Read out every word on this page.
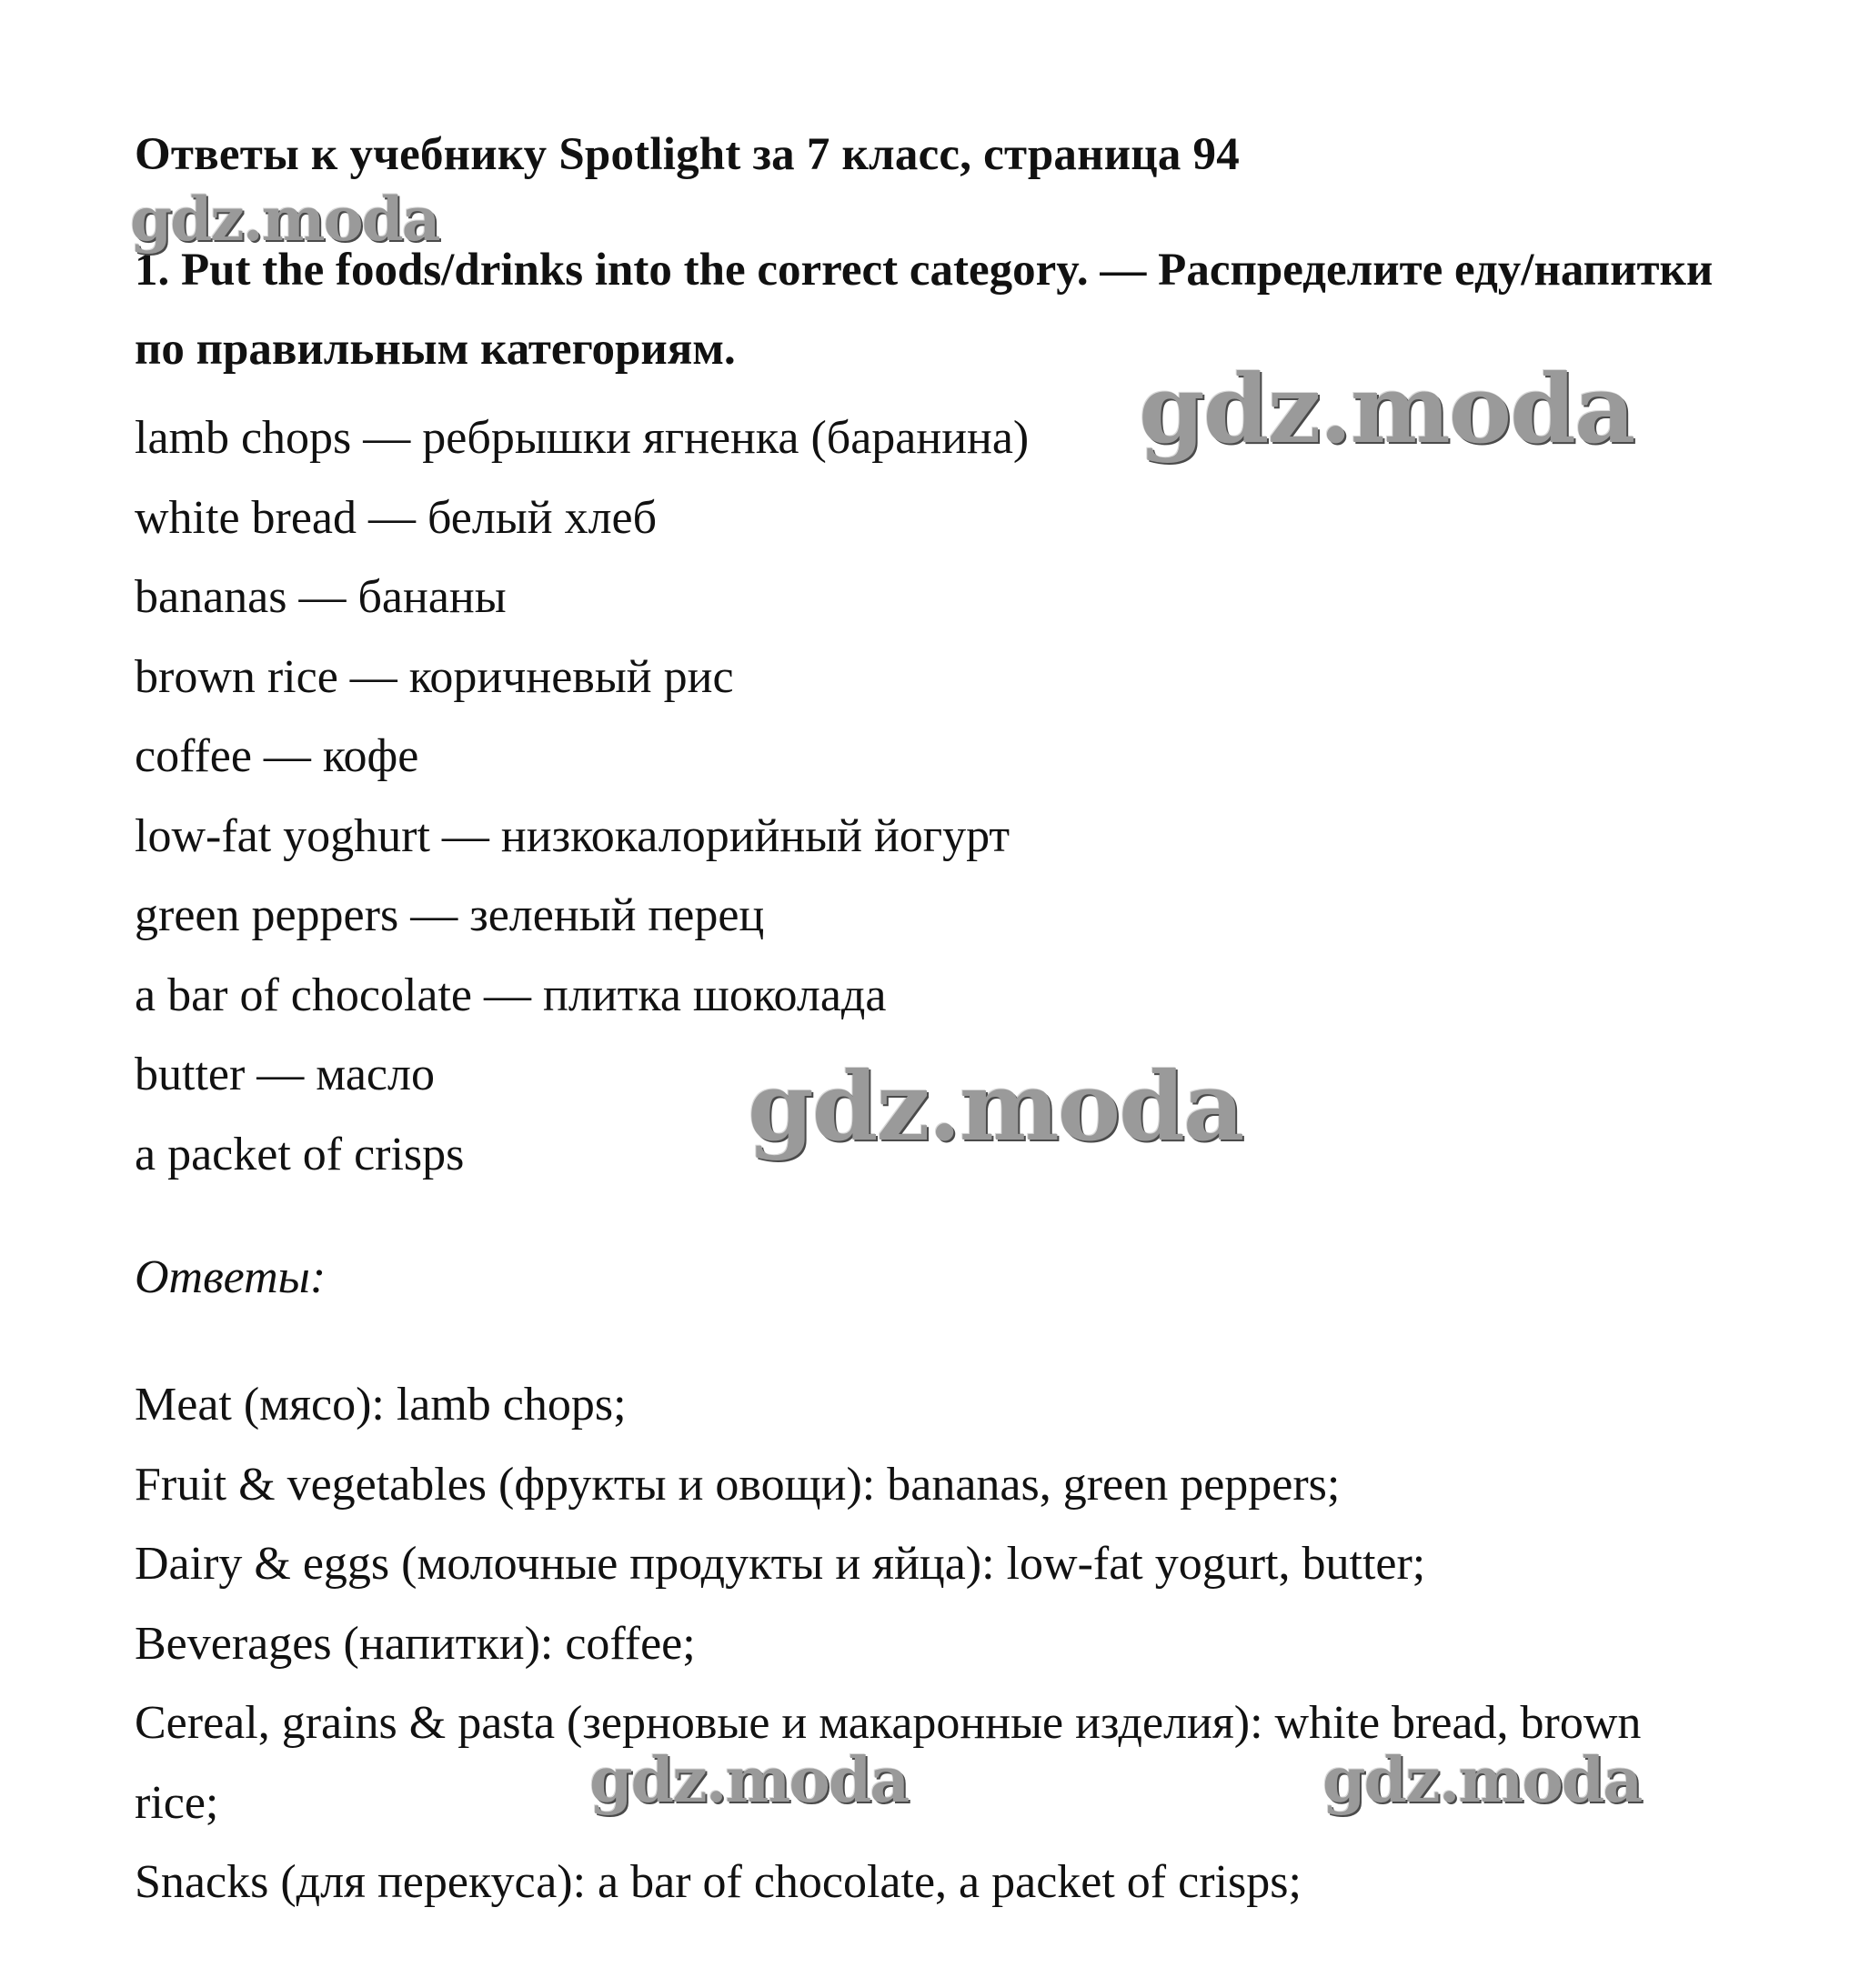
Ответы к учебнику Spotlight за 7 класс, страница 94

1. Put the foods/drinks into the correct category. — Распределите еду/напитки по правильным категориям.

lamb chops — ребрышки ягненка (баранина)
white bread — белый хлеб
bananas — бананы
brown rice — коричневый рис
coffee — кофе
low-fat yoghurt — низкокалорийный йогурт
green peppers — зеленый перец
a bar of chocolate — плитка шоколада
butter — масло
a packet of crisps
Ответы:
Meat (мясо): lamb chops;
Fruit & vegetables (фрукты и овощи): bananas, green peppers;
Dairy & eggs (молочные продукты и яйца): low-fat yogurt, butter;
Beverages (напитки): coffee;
Cereal, grains & pasta (зерновые и макаронные изделия): white bread, brown rice;
Snacks (для перекуса): a bar of chocolate, a packet of crisps;
gdz.moda
gdz.moda
gdz.moda
gdz.moda	gdz.moda
